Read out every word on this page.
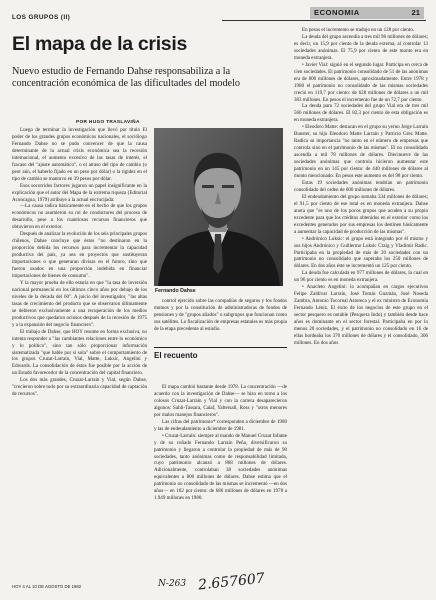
LOS GRUPOS (II)
ECONOMIA	21
El mapa de la crisis
Nuevo estudio de Fernando Dahse responsabiliza a la concentración económica de las dificultades del modelo
POR HUGO TRASLAVIÑA

Luego de terminar la investigación que llevó por título El poder de los grandes grupos económicos nacionales, el sociólogo Fernando Dahse no se pudo convencer de que la causa determinante de la actual crisis económica sea la recesión internacional, el aumento excesivo de las tasas de interés, el fracaso del "ajuste automático", o el atraso del tipo de cambio (o peor aún, el haberlo fijado en un peso por dólar) o la rigidez en el tipo de cambio se mantuvo en 39 pesos por dólar.

Esos socorridos factores jugaron un papel insignificante en la explicación que el autor del Mapa de la extrema riqueza (Editorial Aconcagua, 1979) atribuye a la actual encrucijada:

—La causa radica básicamente en el hecho de que los grupos económicos no asumieron su rol de conductores del proceso de desarrollo, pese a los cuantiosos recursos financieros que obtuvieron en el exterior.

Después de analizar la evolución de los seis principales grupos chilenos, Dahse concluye que éstos "no destinaron en la proporción debida los recursos para incrementar la capacidad productiva del país, ya sea en proyectos que sustituyeran importaciones o que generaran divisas en el futuro, sino que fueron usados en una proporción indebida en financiar importaciones de bienes de consumo".

Y la mayor prueba de ello estaría en que "la tasa de inversión nacional permaneció en los últimos cinco años por debajo de los niveles de la década del 60". A juicio del investigador, "las altas tasas de crecimiento del producto que se observaron últimamente se debieron exclusivamente a una recuperación de los medios productivos que quedaron ociosos después de la recesión de 1975 y a la expansión del negocio financiero".

El trabajo de Dahse, que HOY resume en forma exclusiva, no intenta responder a "las cambiantes relaciones entre lo económico y lo político", sino tan sólo proporcionar información sistematizada "que hable por sí sola" sobre el comportamiento de los grupos Cruzat-Larraín, Vial, Matte, Luksic, Angelini y Edwards. La consolidación de éstos fue posible por la acción de un Estado favorecedor de la concentración del capital financiero.

Los dos más grandes, Cruzat-Larraín y Vial, según Dahse, "crecieron sobre todo por su extraordinaria capacidad de captación de recursos".

Fernando Dahse

control ejercido sobre las compañías de seguros y los fondos mutuos y por la constitución de administradoras de fondos de pensiones y de "grupos aliados" o subgrupos que funcionan como sus satélites. La fiscalización de empresas estatales es más propia de la etapa precedente al estudio.

El recuento

El mapa cambió bastante desde 1978. La concentración —de acuerdo con la investigación de Dahse— se hizo en torno a los colosos Cruzat-Larraín y Vial y con la carrera desaparecieron algunos: Sahli-Tassara, Calaf, Yaltersall, Ross y "otros menores por malos manejos financieros".

Las cifras del patrimonio* corresponden a diciembre de 1980 y las de endeudamiento a diciembre de 1981.

• Cruzat-Larraín: siempre al mando de Manuel Cruzat Infante y de su cuñado Fernando Larraín Peña, diversificaron su patrimonio y llegaron a controlar la propiedad de más de 90 sociedades, tanto anónimas como de responsabilidad limitada, cuyo patrimonio alcanzó a 868 millones de dólares. Adicionalmente, controlaban 38 sociedades anónimas equivalentes a 800 millones de dólares. Dahse estima que el patrimonio no consolidado de las mismas se incrementó —en dos años— en 182 por ciento: de 686 millones de dólares en 1978 a 1.949 millones en 1980.

En pesos el incremento se tradujo en un 128 por ciento.

La deuda del grupo ascendía a tres mil 98 millones de dólares; es decir, un 15,9 por ciento de la deuda externa, al controlar 13 sociedades anónimas. El 75,9 por ciento de este monto era en moneda extranjera.

• Javier Vial: siguió en el segundo lugar. Participa en cerca de cien sociedades. El patrimonio consolidado de 51 de las anónimas era de 800 millones de dólares, aproximadamente. Entre 1978 y 1980 el patrimonio no consolidado de las mismas sociedades creció en 119,7 por ciento: de 628 millones de dólares a un mil 383 millones. En pesos el incremento fue de un 72,7 por ciento.

La deuda para 72 sociedades del grupo Vial era de tres mil 566 millones de dólares. El 82,3 por ciento de esta obligación es en moneda extranjera.

• Eleodoro Matte: destacan en el grupo su yerno Jorge Larraín Bunster, su hijo Eleodoro Matte Larraín y Patricio Grez Matte. Radica su importancia "no tanto en el número de empresas que controla sino en el patrimonio de las mismas". El no consolidado ascendía a mil 78 millones de dólares. Diecinueve de las sociedades anónimas que controla hicieron aumentar este patrimonio en un 145 por ciento: de 440 millones de dólares al monto mencionado. En pesos este aumento es del 98 por ciento.

Estas 19 sociedades anónimas tendrían un patrimonio consolidado del orden de 600 millones de dólares.

El endeudamiento del grupo sumaba 334 millones de dólares; el 91,5 por ciento de ese total es en moneda extranjera. Dahse anota que "es uno de los pocos grupos que acuden a su propio excedente para que los créditos obtenidos en el exterior como los excedentes generados por sus empresas los destinen básicamente a aumentar la capacidad de producción de las mismas".

• Andrónico Luksic: el grupo está integrado por él mismo y sus hijos Andrónico y Guillermo Luksic Craig y Vladimir Radic. Participaba en la propiedad de más de 20 sociedades con un patrimonio no consolidado que superaba los 250 millones de dólares. En dos años éste se incrementó un 125 por ciento.

La deuda fue calculada en 977 millones de dólares, la cual en un 96 por ciento es en moneda extranjera.

• Anacleto Angelini: lo acompañan en cargos ejecutivos Felipe Zaldívar Larraín, José Tomás Guzmán, José Noseda Zambra, Antonio Tocornal Astoreca y el ex ministro de Economía Fernando Léniz. El éxito de los negocios de este grupo en el sector pesquero es notable (Pesquera Indo) y también desde hace años es dominante en el sector forestal. Participaba en por lo menos 20 sociedades, y el patrimonio no consolidado en 16 de ellas bordeaba los 370 millones de dólares y el consolidado, 306 millones. En dos años

HOY 4 AL 10 DE AGOSTO DE 1982	N-263 2.657607
